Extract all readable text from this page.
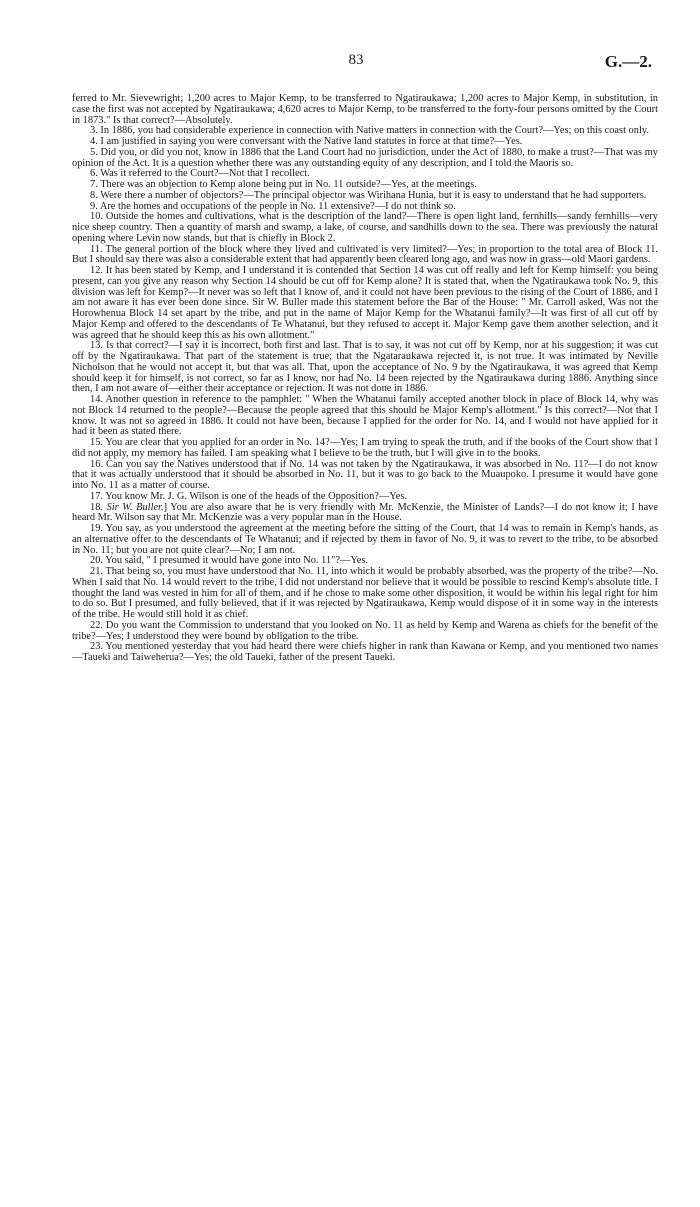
83	G.—2.

ferred to Mr. Sievewright; 1,200 acres to Major Kemp, to be transferred to Ngatiraukawa; 1,200 acres to Major Kemp, in substitution, in case the first was not accepted by Ngatiraukawa; 4,620 acres to Major Kemp, to be transferred to the forty-four persons omitted by the Court in 1873." Is that correct?—Absolutely.

3. In 1886, you had considerable experience in connection with Native matters in connection with the Court?—Yes; on this coast only.

4. I am justified in saying you were conversant with the Native land statutes in force at that time?—Yes.

5. Did you, or did you not, know in 1886 that the Land Court had no jurisdiction, under the Act of 1880, to make a trust?—That was my opinion of the Act. It is a question whether there was any outstanding equity of any description, and I told the Maoris so.

6. Was it referred to the Court?—Not that I recollect.

7. There was an objection to Kemp alone being put in No. 11 outside?—Yes, at the meetings.

8. Were there a number of objectors?—The principal objector was Wirihana Hunia, but it is easy to understand that he had supporters.

9. Are the homes and occupations of the people in No. 11 extensive?—I do not think so.

10. Outside the homes and cultivations, what is the description of the land?—There is open light land, fernhills—sandy fernhills—very nice sheep country. Then a quantity of marsh and swamp, a lake, of course, and sandhills down to the sea. There was previously the natural opening where Levin now stands, but that is chiefly in Block 2.

11. The general portion of the block where they lived and cultivated is very limited?—Yes; in proportion to the total area of Block 11. But I should say there was also a considerable extent that had apparently been cleared long ago, and was now in grass—old Maori gardens.

12. It has been stated by Kemp, and I understand it is contended that Section 14 was cut off really and left for Kemp himself: you being present, can you give any reason why Section 14 should be cut off for Kemp alone? It is stated that, when the Ngatiraukawa took No. 9, this division was left for Kemp?—It never was so left that I know of, and it could not have been previous to the rising of the Court of 1886, and I am not aware it has ever been done since. Sir W. Buller made this statement before the Bar of the House: " Mr. Carroll asked, Was not the Horowhenua Block 14 set apart by the tribe, and put in the name of Major Kemp for the Whatanui family?—It was first of all cut off by Major Kemp and offered to the descendants of Te Whatanui, but they refused to accept it. Major Kemp gave them another selection, and it was agreed that he should keep this as his own allotment."

13. Is that correct?—I say it is incorrect, both first and last. That is to say, it was not cut off by Kemp, nor at his suggestion; it was cut off by the Ngatiraukawa. That part of the statement is true; that the Ngataraukawa rejected it, is not true. It was intimated by Neville Nicholson that he would not accept it, but that was all. That, upon the acceptance of No. 9 by the Ngatiraukawa, it was agreed that Kemp should keep it for himself, is not correct, so far as I know, nor had No. 14 been rejected by the Ngatiraukawa during 1886. Anything since then, I am not aware of—either their acceptance or rejection. It was not done in 1886.

14. Another question in reference to the pamphlet: " When the Whatanui family accepted another block in place of Block 14, why was not Block 14 returned to the people?—Because the people agreed that this should be Major Kemp's allotment." Is this correct?—Not that I know. It was not so agreed in 1886. It could not have been, because I applied for the order for No. 14, and I would not have applied for it had it been as stated there.

15. You are clear that you applied for an order in No. 14?—Yes; I am trying to speak the truth, and if the books of the Court show that I did not apply, my memory has failed. I am speaking what I believe to be the truth, but I will give in to the books.

16. Can you say the Natives understood that if No. 14 was not taken by the Ngatiraukawa, it was absorbed in No. 11?—I do not know that it was actually understood that it should be absorbed in No. 11, but it was to go back to the Muaupoko. I presume it would have gone into No. 11 as a matter of course.

17. You know Mr. J. G. Wilson is one of the heads of the Opposition?—Yes.

18. Sir W. Buller.] You are also aware that he is very friendly with Mr. McKenzie, the Minister of Lands?—I do not know it; I have heard Mr. Wilson say that Mr. McKenzie was a very popular man in the House.

19. You say, as you understood the agreement at the meeting before the sitting of the Court, that 14 was to remain in Kemp's hands, as an alternative offer to the descendants of Te Whatanui; and if rejected by them in favor of No. 9, it was to revert to the tribe, to be absorbed in No. 11; but you are not quite clear?—No; I am not.

20. You said, " I presumed it would have gone into No. 11"?—Yes.

21. That being so, you must have understood that No. 11, into which it would be probably absorbed, was the property of the tribe?—No. When I said that No. 14 would revert to the tribe, I did not understand nor believe that it would be possible to rescind Kemp's absolute title. I thought the land was vested in him for all of them, and if he chose to make some other disposition, it would be within his legal right for him to do so. But I presumed, and fully believed, that if it was rejected by Ngatiraukawa, Kemp would dispose of it in some way in the interests of the tribe. He would still hold it as chief.

22. Do you want the Commission to understand that you looked on No. 11 as held by Kemp and Warena as chiefs for the benefit of the tribe?—Yes; I understood they were bound by obligation to the tribe.

23. You mentioned yesterday that you had heard there were chiefs higher in rank than Kawana or Kemp, and you mentioned two names—Taueki and Taiweherua?—Yes; the old Taueki, father of the present Taueki.
